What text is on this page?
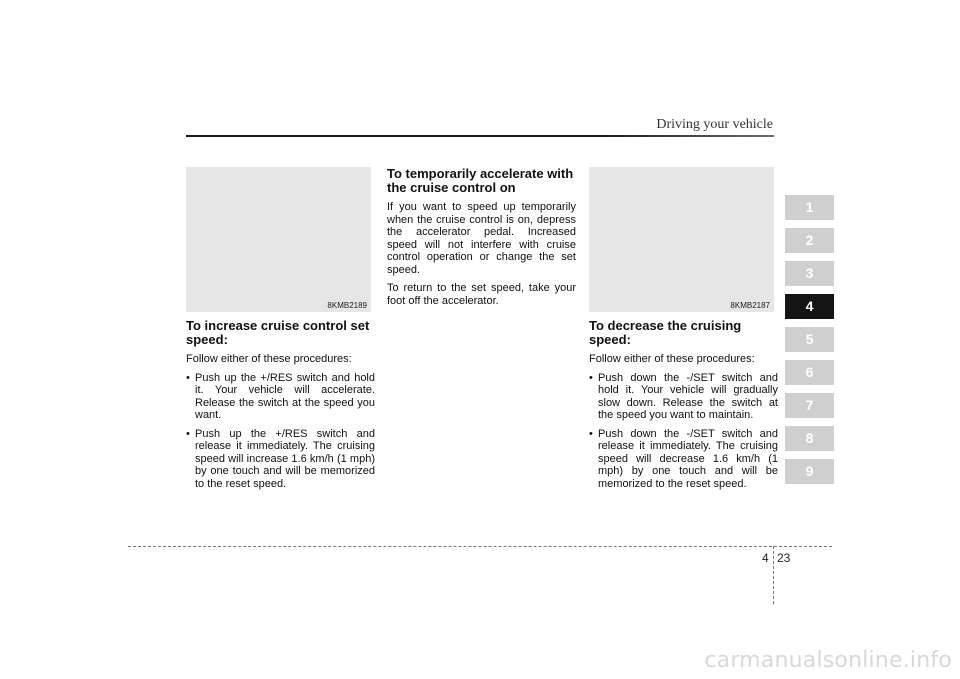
Driving your vehicle
8KMB2189	8KMB2187
To increase cruise control set speed:

Follow either of these procedures:

• Push up the +/RES switch and hold it. Your vehicle will accelerate. Release the switch at the speed you want.
• Push up the +/RES switch and release it immediately. The cruising speed will increase 1.6 km/h (1 mph) by one touch and will be memorized to the reset speed.
To temporarily accelerate with the cruise control on

If you want to speed up temporarily when the cruise control is on, depress the accelerator pedal. Increased speed will not interfere with cruise control operation or change the set speed.

To return to the set speed, take your foot off the accelerator.

To decrease the cruising speed:

Follow either of these procedures:

• Push down the -/SET switch and hold it. Your vehicle will gradually slow down. Release the switch at the speed you want to maintain.
• Push down the -/SET switch and release it immediately. The cruising speed will decrease 1.6 km/h (1 mph) by one touch and will be memorized to the reset speed.
1
2
3
4
5
6
7
8
9
4 23
carmanualsonline.info
